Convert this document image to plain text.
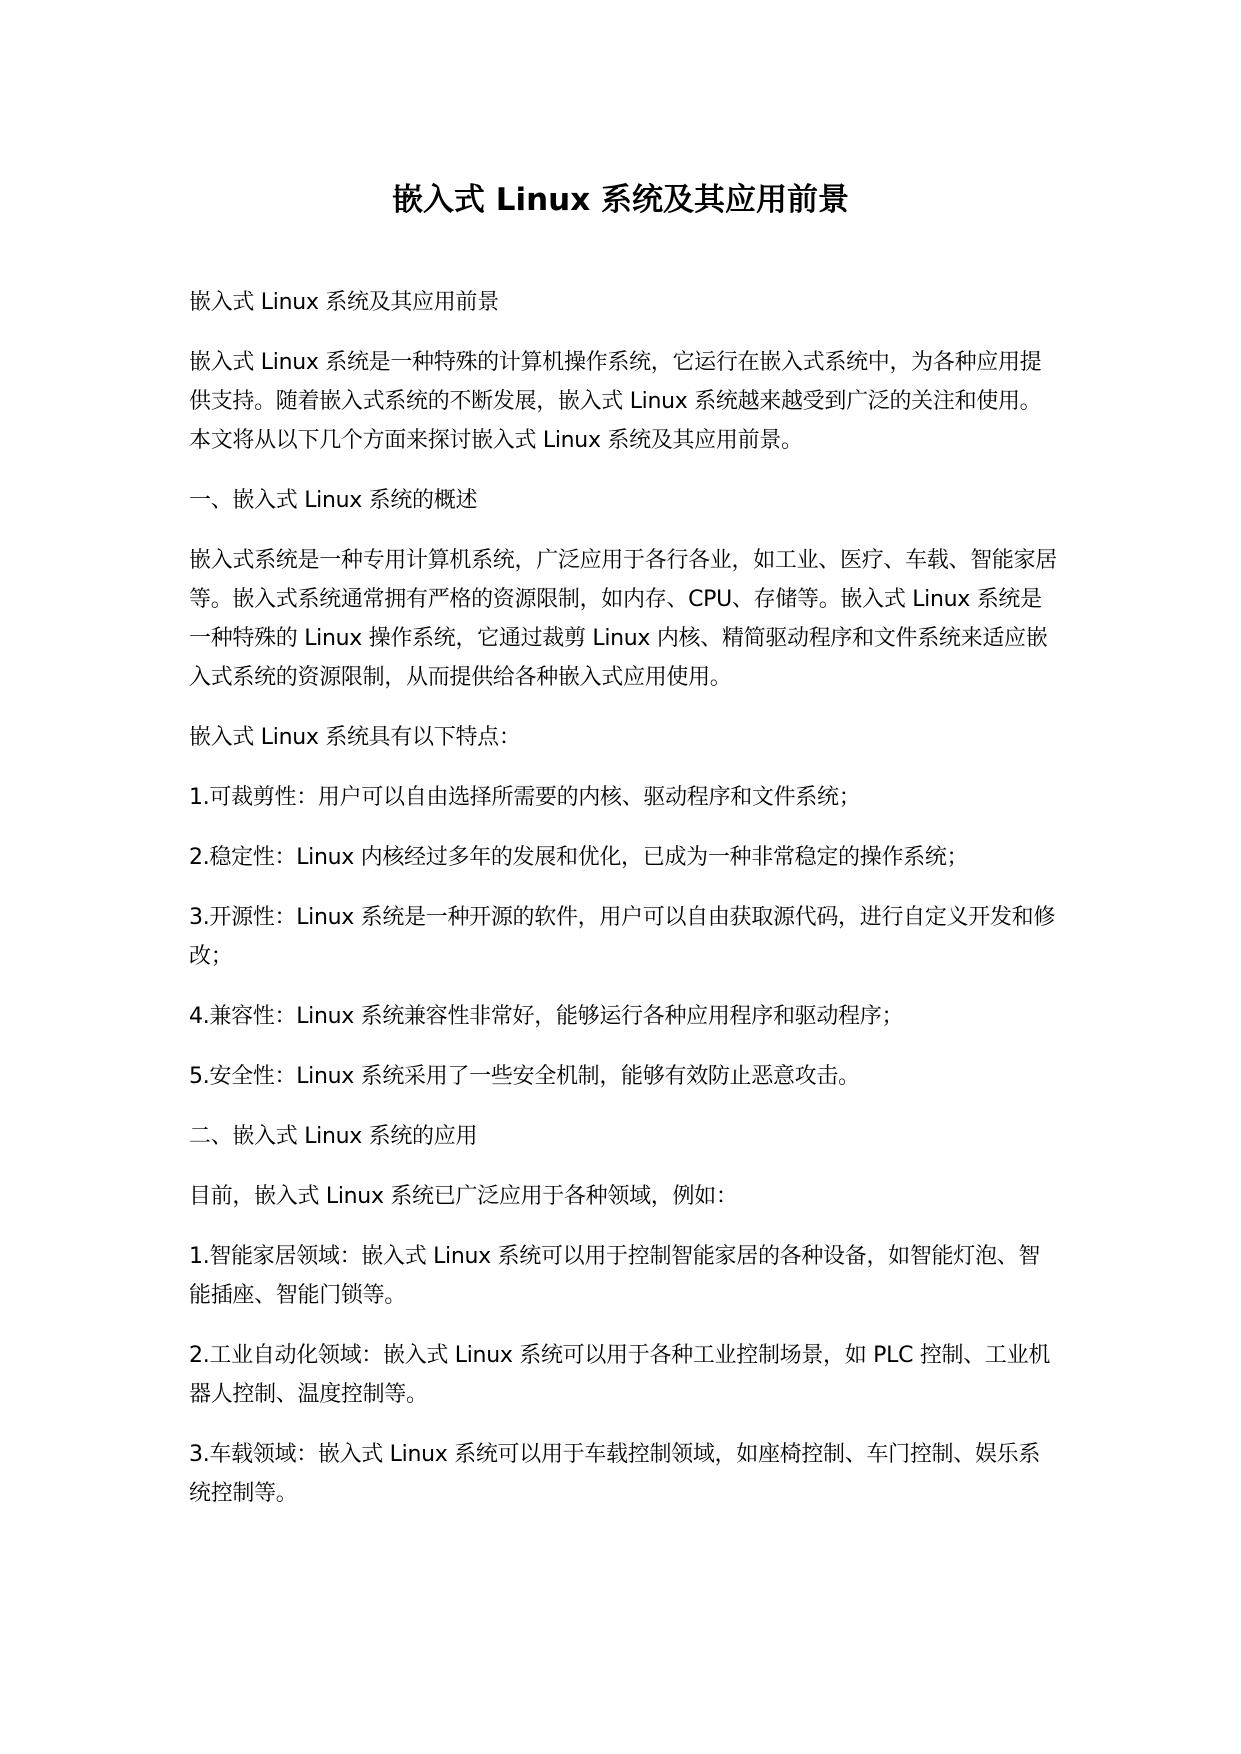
嵌入式 Linux 系统及其应用前景

嵌入式 Linux 系统及其应用前景

嵌入式 Linux 系统是一种特殊的计算机操作系统，它运行在嵌入式系统中，为各种应用提供支持。随着嵌入式系统的不断发展，嵌入式 Linux 系统越来越受到广泛的关注和使用。本文将从以下几个方面来探讨嵌入式 Linux 系统及其应用前景。

一、嵌入式 Linux 系统的概述

嵌入式系统是一种专用计算机系统，广泛应用于各行各业，如工业、医疗、车载、智能家居等。嵌入式系统通常拥有严格的资源限制，如内存、CPU、存储等。嵌入式 Linux 系统是一种特殊的 Linux 操作系统，它通过裁剪 Linux 内核、精简驱动程序和文件系统来适应嵌入式系统的资源限制，从而提供给各种嵌入式应用使用。

嵌入式 Linux 系统具有以下特点：

1.可裁剪性：用户可以自由选择所需要的内核、驱动程序和文件系统；

2.稳定性：Linux 内核经过多年的发展和优化，已成为一种非常稳定的操作系统；

3.开源性：Linux 系统是一种开源的软件，用户可以自由获取源代码，进行自定义开发和修改；

4.兼容性：Linux 系统兼容性非常好，能够运行各种应用程序和驱动程序；

5.安全性：Linux 系统采用了一些安全机制，能够有效防止恶意攻击。

二、嵌入式 Linux 系统的应用

目前，嵌入式 Linux 系统已广泛应用于各种领域，例如：

1.智能家居领域：嵌入式 Linux 系统可以用于控制智能家居的各种设备，如智能灯泡、智能插座、智能门锁等。

2.工业自动化领域：嵌入式 Linux 系统可以用于各种工业控制场景，如 PLC 控制、工业机器人控制、温度控制等。

3.车载领域：嵌入式 Linux 系统可以用于车载控制领域，如座椅控制、车门控制、娱乐系统控制等。
